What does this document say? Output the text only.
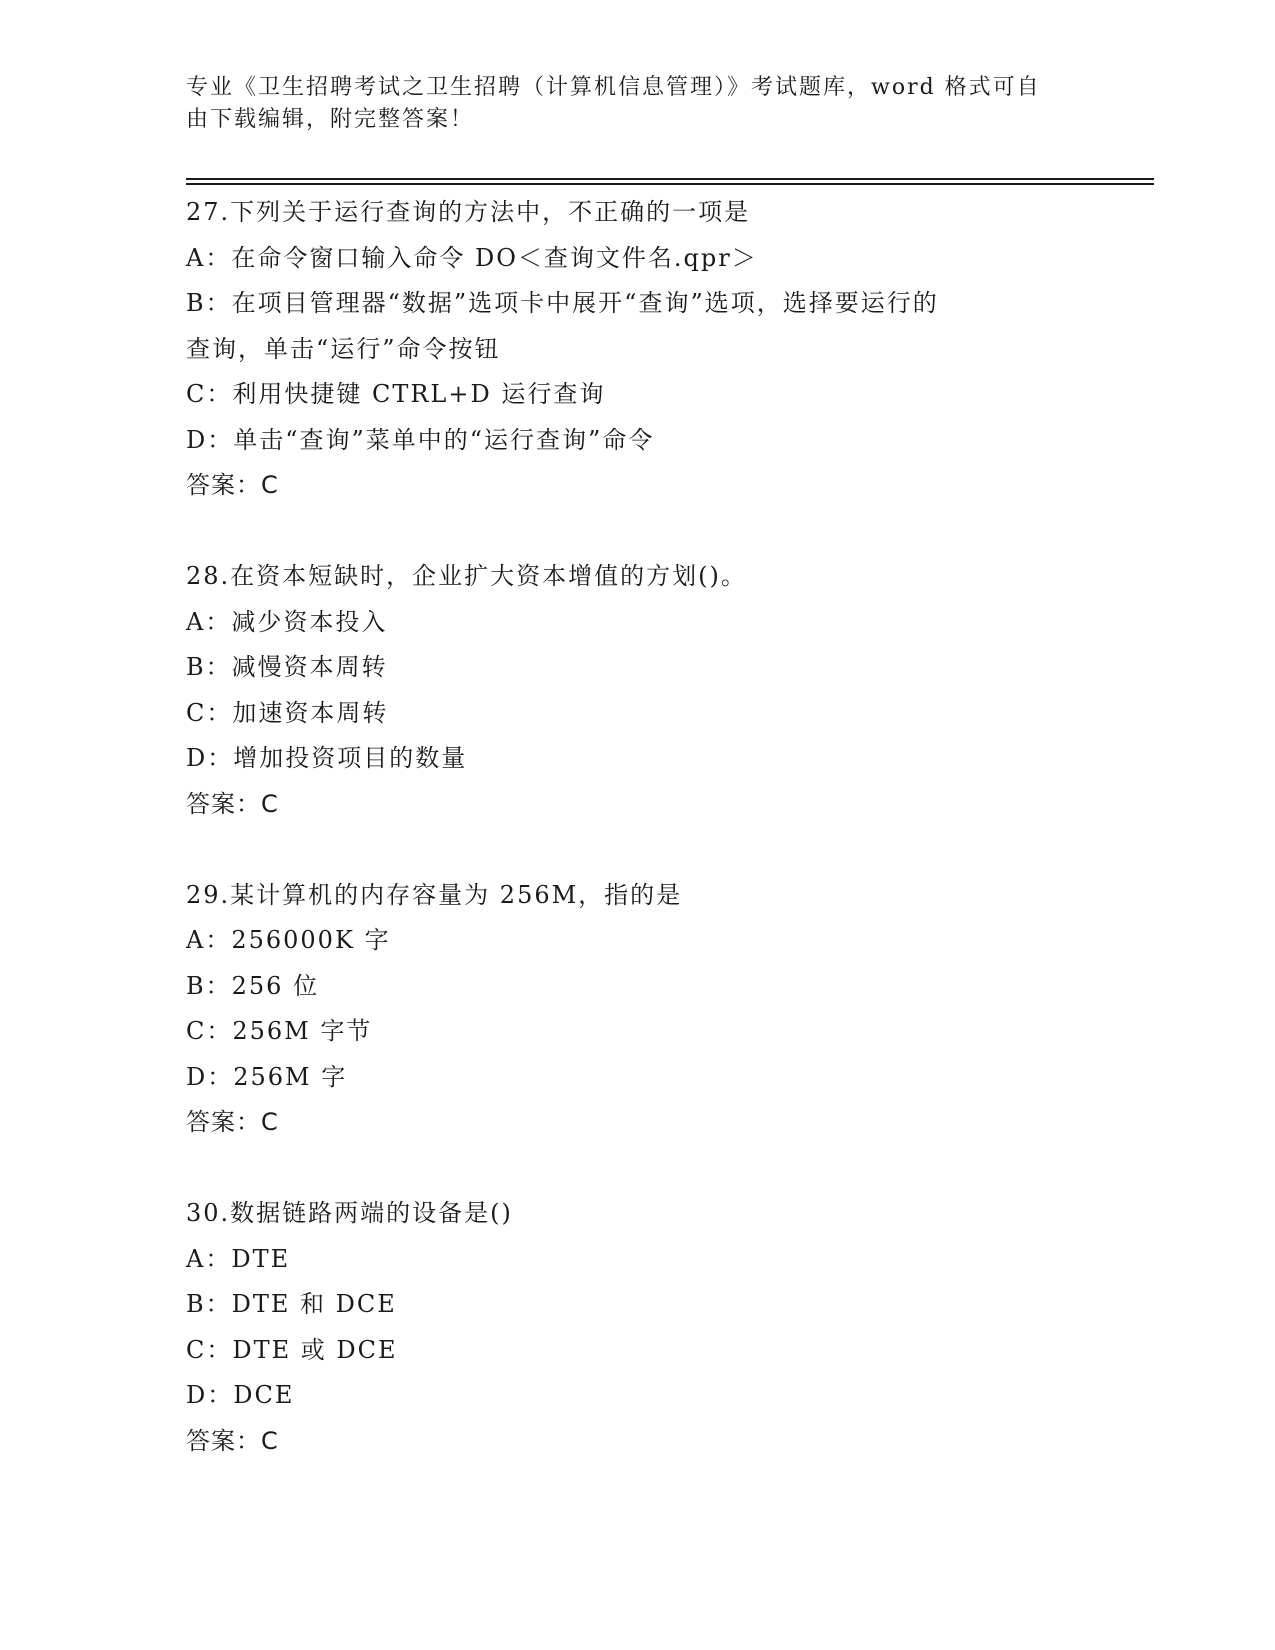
专业《卫生招聘考试之卫生招聘（计算机信息管理）》考试题库，word 格式可自
由下载编辑，附完整答案！
27.下列关于运行查询的方法中，不正确的一项是
A：在命令窗口输入命令 DO＜查询文件名.qpr＞
B：在项目管理器“数据”选项卡中展开“查询”选项，选择要运行的
查询，单击“运行”命令按钮
C：利用快捷键 CTRL+D 运行查询
D：单击“查询”菜单中的“运行查询”命令
答案：C
28.在资本短缺时，企业扩大资本增值的方划()。
A：减少资本投入
B：减慢资本周转
C：加速资本周转
D：增加投资项目的数量
答案：C
29.某计算机的内存容量为 256M，指的是
A：256000K 字
B：256 位
C：256M 字节
D：256M 字
答案：C
30.数据链路两端的设备是()
A：DTE
B：DTE 和 DCE
C：DTE 或 DCE
D：DCE
答案：C
